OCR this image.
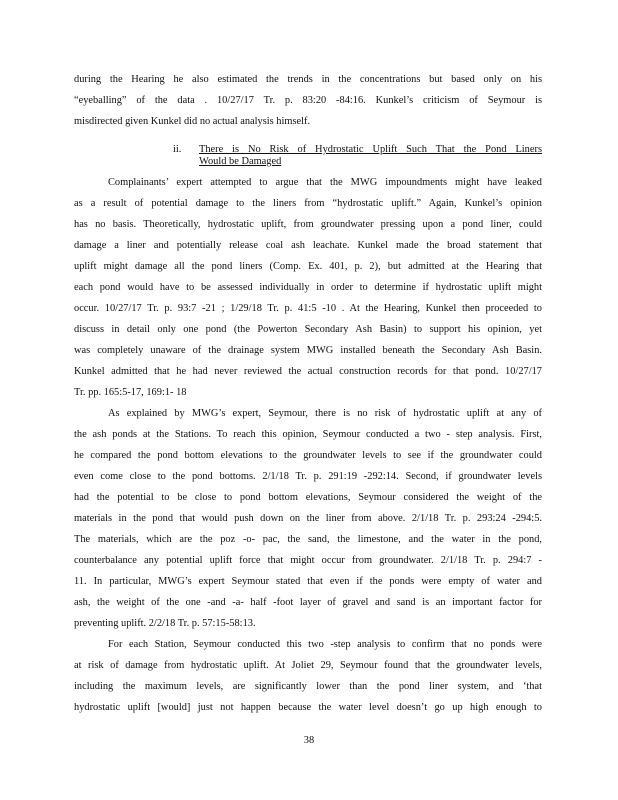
during the Hearing he also estimated the trends in the concentrations but based only on his
“eyeballing” of the data . 10/27/17 Tr. p. 83:20 -84:16. Kunkel’s criticism of Seymour is
misdirected given Kunkel did no actual analysis himself.
ii. There is No Risk of Hydrostatic Uplift Such That the Pond Liners
Would be Damaged
Complainants’ expert attempted to argue that the MWG impoundments might have leaked
as a result of potential damage to the liners from “hydrostatic uplift.” Again, Kunkel’s opinion
has no basis. Theoretically, hydrostatic uplift, from groundwater pressing upon a pond liner, could
damage a liner and potentially release coal ash leachate. Kunkel made the broad statement that
uplift might damage all the pond liners (Comp. Ex. 401, p. 2), but admitted at the Hearing that
each pond would have to be assessed individually in order to determine if hydrostatic uplift might
occur. 10/27/17 Tr. p. 93:7 -21 ; 1/29/18 Tr. p. 41:5 -10 . At the Hearing, Kunkel then proceeded to
discuss in detail only one pond (the Powerton Secondary Ash Basin) to support his opinion, yet
was completely unaware of the drainage system MWG installed beneath the Secondary Ash Basin.
Kunkel admitted that he had never reviewed the actual construction records for that pond. 10/27/17
Tr. pp. 165:5-17, 169:1- 18
As explained by MWG’s expert, Seymour, there is no risk of hydrostatic uplift at any of
the ash ponds at the Stations. To reach this opinion, Seymour conducted a two - step analysis. First,
he compared the pond bottom elevations to the groundwater levels to see if the groundwater could
even come close to the pond bottoms. 2/1/18 Tr. p. 291:19 -292:14. Second, if groundwater levels
had the potential to be close to pond bottom elevations, Seymour considered the weight of the
materials in the pond that would push down on the liner from above. 2/1/18 Tr. p. 293:24 -294:5.
The materials, which are the poz -o- pac, the sand, the limestone, and the water in the pond,
counterbalance any potential uplift force that might occur from groundwater. 2/1/18 Tr. p. 294:7 -
11. In particular, MWG’s expert Seymour stated that even if the ponds were empty of water and
ash, the weight of the one -and -a- half -foot layer of gravel and sand is an important factor for
preventing uplift. 2/2/18 Tr. p. 57:15-58:13.
For each Station, Seymour conducted this two -step analysis to confirm that no ponds were
at risk of damage from hydrostatic uplift. At Joliet 29, Seymour found that the groundwater levels,
including the maximum levels, are significantly lower than the pond liner system, and ‘that
hydrostatic uplift [would] just not happen because the water level doesn’t go up high enough to
38
